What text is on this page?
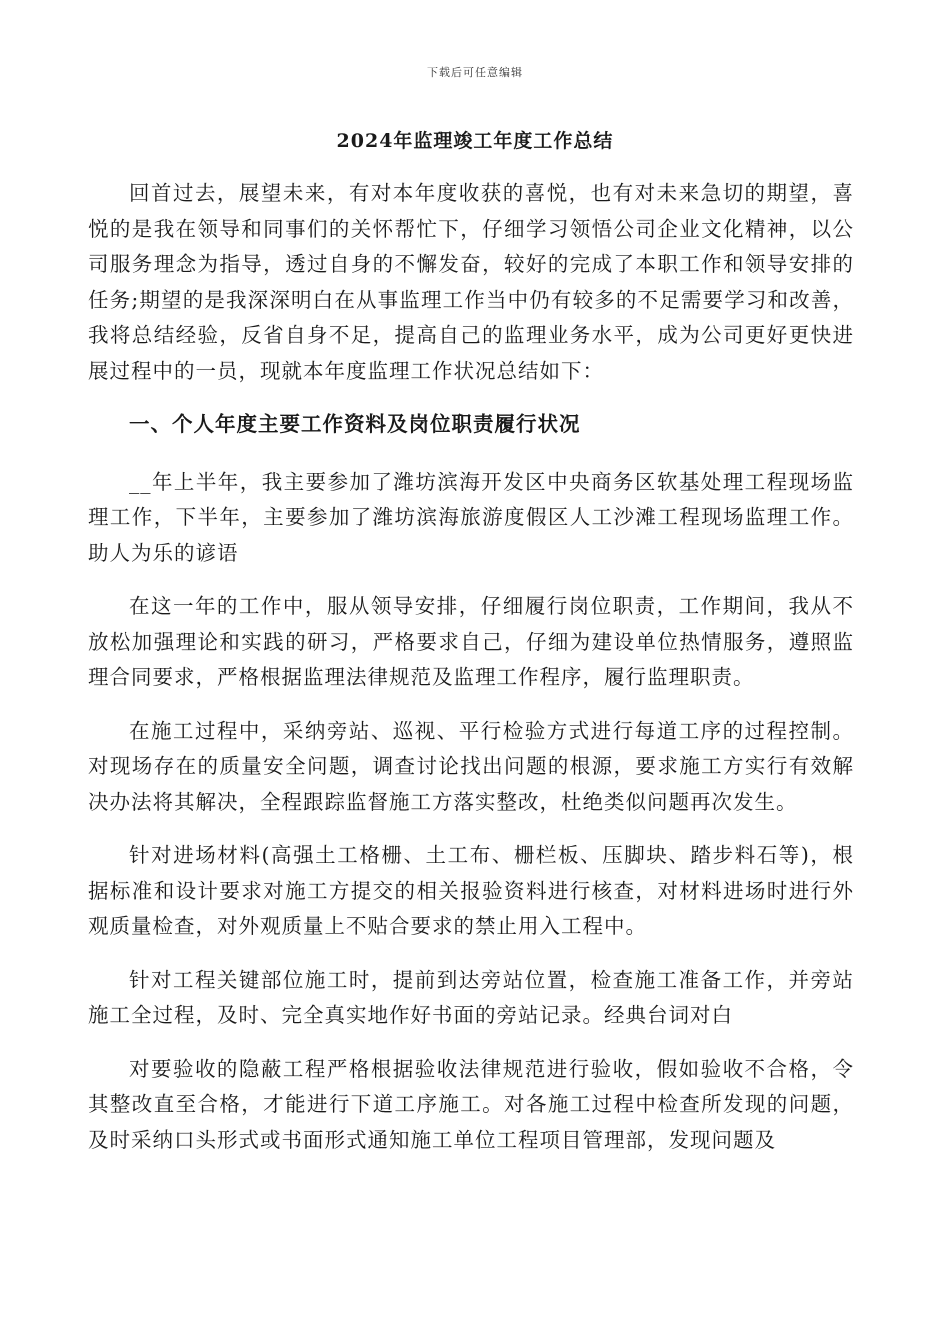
下载后可任意编辑
2024年监理竣工年度工作总结

回首过去，展望未来，有对本年度收获的喜悦，也有对未来急切的期望，喜悦的是我在领导和同事们的关怀帮忙下，仔细学习领悟公司企业文化精神，以公司服务理念为指导，透过自身的不懈发奋，较好的完成了本职工作和领导安排的任务;期望的是我深深明白在从事监理工作当中仍有较多的不足需要学习和改善，我将总结经验，反省自身不足，提高自己的监理业务水平，成为公司更好更快进展过程中的一员，现就本年度监理工作状况总结如下：

一、个人年度主要工作资料及岗位职责履行状况

__年上半年，我主要参加了潍坊滨海开发区中央商务区软基处理工程现场监理工作，下半年，主要参加了潍坊滨海旅游度假区人工沙滩工程现场监理工作。助人为乐的谚语

在这一年的工作中，服从领导安排，仔细履行岗位职责，工作期间，我从不放松加强理论和实践的研习，严格要求自己，仔细为建设单位热情服务，遵照监理合同要求，严格根据监理法律规范及监理工作程序，履行监理职责。

在施工过程中，采纳旁站、巡视、平行检验方式进行每道工序的过程控制。对现场存在的质量安全问题，调查讨论找出问题的根源，要求施工方实行有效解决办法将其解决，全程跟踪监督施工方落实整改，杜绝类似问题再次发生。

针对进场材料(高强土工格栅、土工布、栅栏板、压脚块、踏步料石等)，根据标准和设计要求对施工方提交的相关报验资料进行核查，对材料进场时进行外观质量检查，对外观质量上不贴合要求的禁止用入工程中。

针对工程关键部位施工时，提前到达旁站位置，检查施工准备工作，并旁站施工全过程，及时、完全真实地作好书面的旁站记录。经典台词对白

对要验收的隐蔽工程严格根据验收法律规范进行验收，假如验收不合格，令其整改直至合格，才能进行下道工序施工。对各施工过程中检查所发现的问题，及时采纳口头形式或书面形式通知施工单位工程项目管理部，发现问题及
